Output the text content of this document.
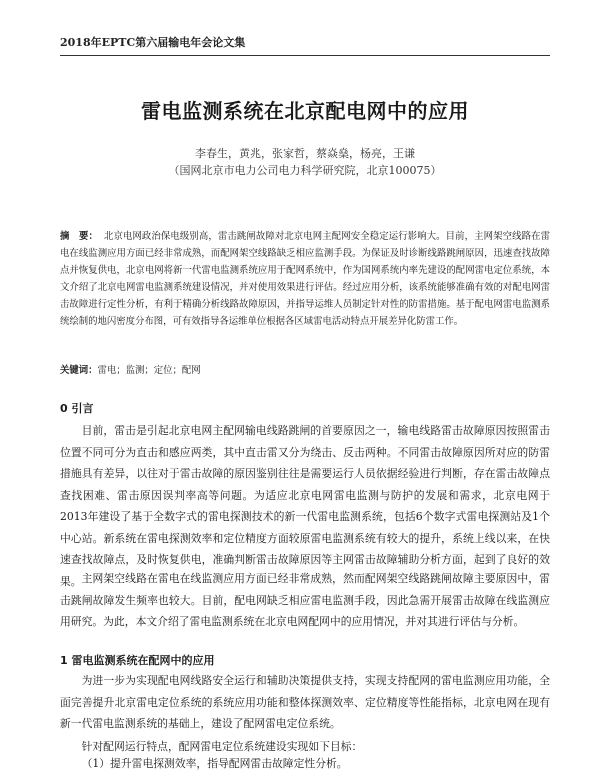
2018年EPTC第六届输电年会论文集
雷电监测系统在北京配电网中的应用
李春生，黄兆，张家哲，蔡焱燊，杨亮，王谦
（国网北京市电力公司电力科学研究院，北京100075）
摘　要： 北京电网政治保电级别高，雷击跳闸故障对北京电网主配网安全稳定运行影响大。目前，主网架空线路在雷电在线监测应用方面已经非常成熟，而配网架空线路缺乏相应监测手段。为保证及时诊断线路跳闸原因，迅速查找故障点并恢复供电，北京电网将新一代雷电监测系统应用于配网系统中，作为国网系统内率先建设的配网雷电定位系统，本文介绍了北京电网雷电监测系统建设情况，并对使用效果进行评估。经过应用分析，该系统能够准确有效的对配电网雷击故障进行定性分析，有利于精确分析线路故障原因，并指导运维人员制定针对性的防雷措施。基于配电网雷电监测系统绘制的地闪密度分布图，可有效指导各运维单位根据各区域雷电活动特点开展差异化防雷工作。
关键词：雷电；监测；定位；配网
0 引言
目前，雷击是引起北京电网主配网输电线路跳闸的首要原因之一，输电线路雷击故障原因按照雷击位置不同可分为直击和感应两类，其中直击雷又分为绕击、反击两种。不同雷击故障原因所对应的防雷措施具有差异，以往对于雷击故障的原因鉴别往往是需要运行人员依据经验进行判断，存在雷击故障点查找困难、雷击原因误判率高等问题。为适应北京电网雷电监测与防护的发展和需求，北京电网于2013年建设了基于全数字式的雷电探测技术的新一代雷电监测系统，包括6个数字式雷电探测站及1个中心站。新系统在雷电探测效率和定位精度方面较原雷电监测系统有较大的提升，系统上线以来，在快速查找故障点，及时恢复供电，准确判断雷击故障原因等主网雷击故障辅助分析方面，起到了良好的效果。 主网架空线路在雷电在线监测应用方面已经非常成熟，然而配网架空线路跳闸故障主要原因中，雷击跳闸故障发生频率也较大。目前，配电网缺乏相应雷电监测手段，因此急需开展雷击故障在线监测应用研究。为此，本文介绍了雷电监测系统在北京电网配网中的应用情况，并对其进行评估与分析。
1 雷电监测系统在配网中的应用
为进一步为实现配电网线路安全运行和辅助决策提供支持，实现支持配网的雷电监测应用功能，全面完善提升北京雷电定位系统的系统应用功能和整体探测效率、定位精度等性能指标，北京电网在现有新一代雷电监测系统的基础上，建设了配网雷电定位系统。
针对配网运行特点，配网雷电定位系统建设实现如下目标：
（1）提升雷电探测效率，指导配网雷击故障定性分析。
